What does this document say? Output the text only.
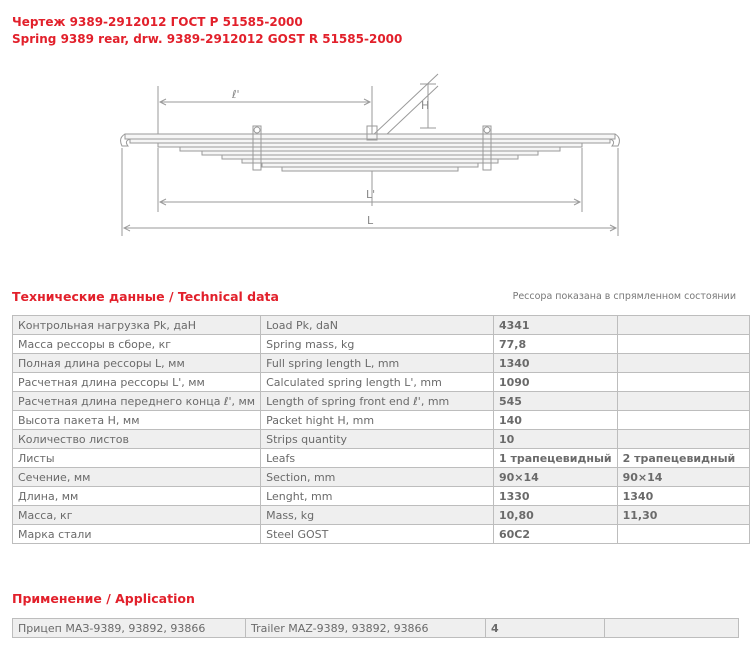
Чертеж 9389-2912012 ГОСТ Р 51585-2000
Spring 9389 rear, drw. 9389-2912012 GOST R 51585-2000
ℓ'
H
L'
L
Технические данные / Technical data	Рессора показана в спрямленном состоянии
Контрольная нагрузка Pk, даН	Load Pk, daN	4341	
Масса рессоры в сборе, кг	Spring mass, kg	77,8	
Полная длина рессоры L, мм	Full spring length L, mm	1340	
Расчетная длина рессоры L', мм	Calculated spring length L', mm	1090	
Расчетная длина переднего конца ℓ', мм	Length of spring front end ℓ', mm	545	
Высота пакета H, мм	Packet hight H, mm	140	
Количество листов	Strips quantity	10	
Листы	Leafs	1 трапецевидный	2 трапецевидный
Сечение, мм	Section, mm	90×14	90×14
Длина, мм	Lenght, mm	1330	1340
Масса, кг	Mass, kg	10,80	11,30
Марка стали	Steel GOST	60С2	
Применение / Application
Прицеп МАЗ-9389, 93892, 93866	Trailer MAZ-9389, 93892, 93866	4	
